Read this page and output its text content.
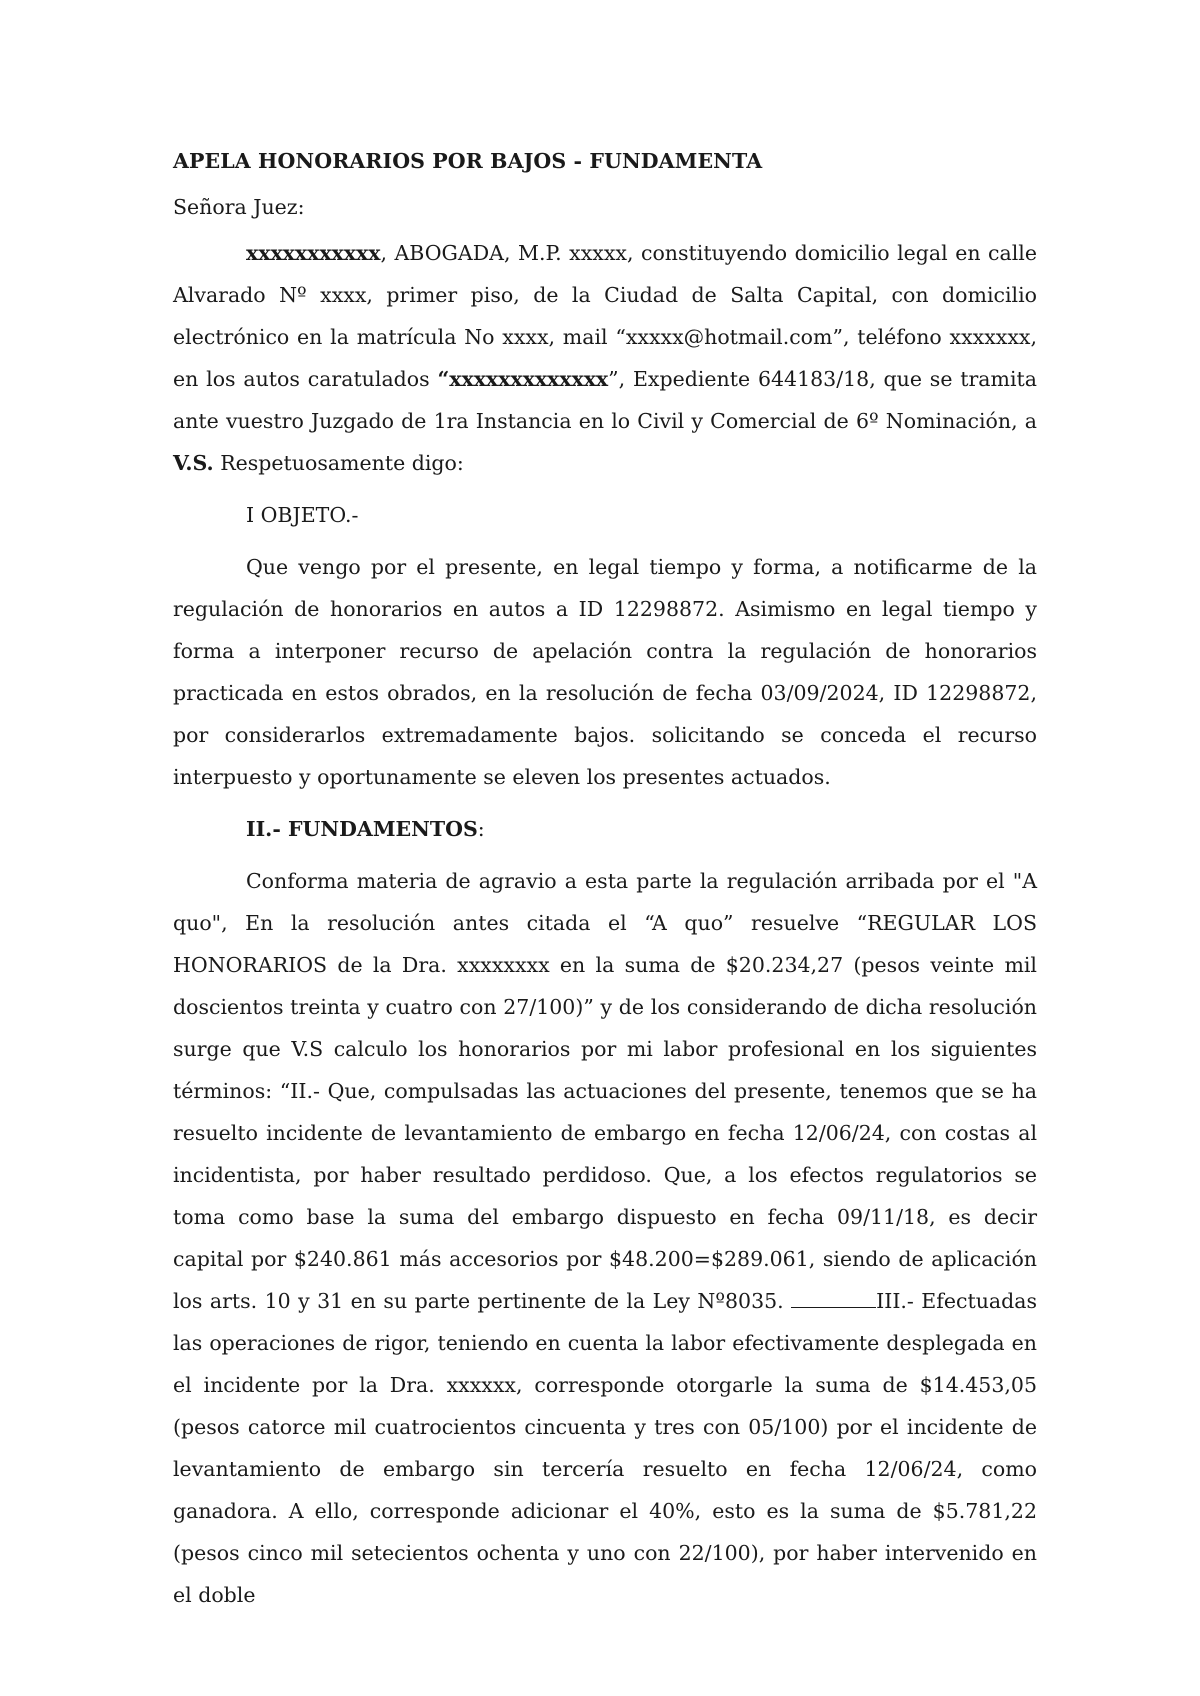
APELA HONORARIOS POR BAJOS - FUNDAMENTA

Señora Juez:

xxxxxxxxxxx, ABOGADA, M.P. xxxxx, constituyendo domicilio legal en calle Alvarado Nº xxxx, primer piso, de la Ciudad de Salta Capital, con domicilio electrónico en la matrícula No xxxx, mail “xxxxx@hotmail.com”, teléfono xxxxxxx, en los autos caratulados “xxxxxxxxxxxxx”, Expediente 644183/18, que se tramita ante vuestro Juzgado de 1ra Instancia en lo Civil y Comercial de 6º Nominación, a V.S. Respetuosamente digo:

I OBJETO.-

Que vengo por el presente, en legal tiempo y forma, a notificarme de la regulación de honorarios en autos a ID 12298872. Asimismo en legal tiempo y forma a interponer recurso de apelación contra la regulación de honorarios practicada en estos obrados, en la resolución de fecha 03/09/2024, ID 12298872, por considerarlos extremadamente bajos. solicitando se conceda el recurso interpuesto y oportunamente se eleven los presentes actuados.

II.- FUNDAMENTOS:

Conforma materia de agravio a esta parte la regulación arribada por el "A quo", En la resolución antes citada el “A quo” resuelve “REGULAR LOS HONORARIOS de la Dra. xxxxxxxx en la suma de $20.234,27 (pesos veinte mil doscientos treinta y cuatro con 27/100)” y de los considerando de dicha resolución surge que V.S calculo los honorarios por mi labor profesional en los siguientes términos: “II.- Que, compulsadas las actuaciones del presente, tenemos que se ha resuelto incidente de levantamiento de embargo en fecha 12/06/24, con costas al incidentista, por haber resultado perdidoso. Que, a los efectos regulatorios se toma como base la suma del embargo dispuesto en fecha 09/11/18, es decir capital por $240.861 más accesorios por $48.200=$289.061, siendo de aplicación los arts. 10 y 31 en su parte pertinente de la Ley Nº8035.	III.- Efectuadas las operaciones de rigor, teniendo en cuenta la labor efectivamente desplegada en el incidente por la Dra. xxxxxx, corresponde otorgarle la suma de $14.453,05 (pesos catorce mil cuatrocientos cincuenta y tres con 05/100) por el incidente de levantamiento de embargo sin tercería resuelto en fecha 12/06/24, como ganadora. A ello, corresponde adicionar el 40%, esto es la suma de $5.781,22 (pesos cinco mil setecientos ochenta y uno con 22/100), por haber intervenido en el doble
